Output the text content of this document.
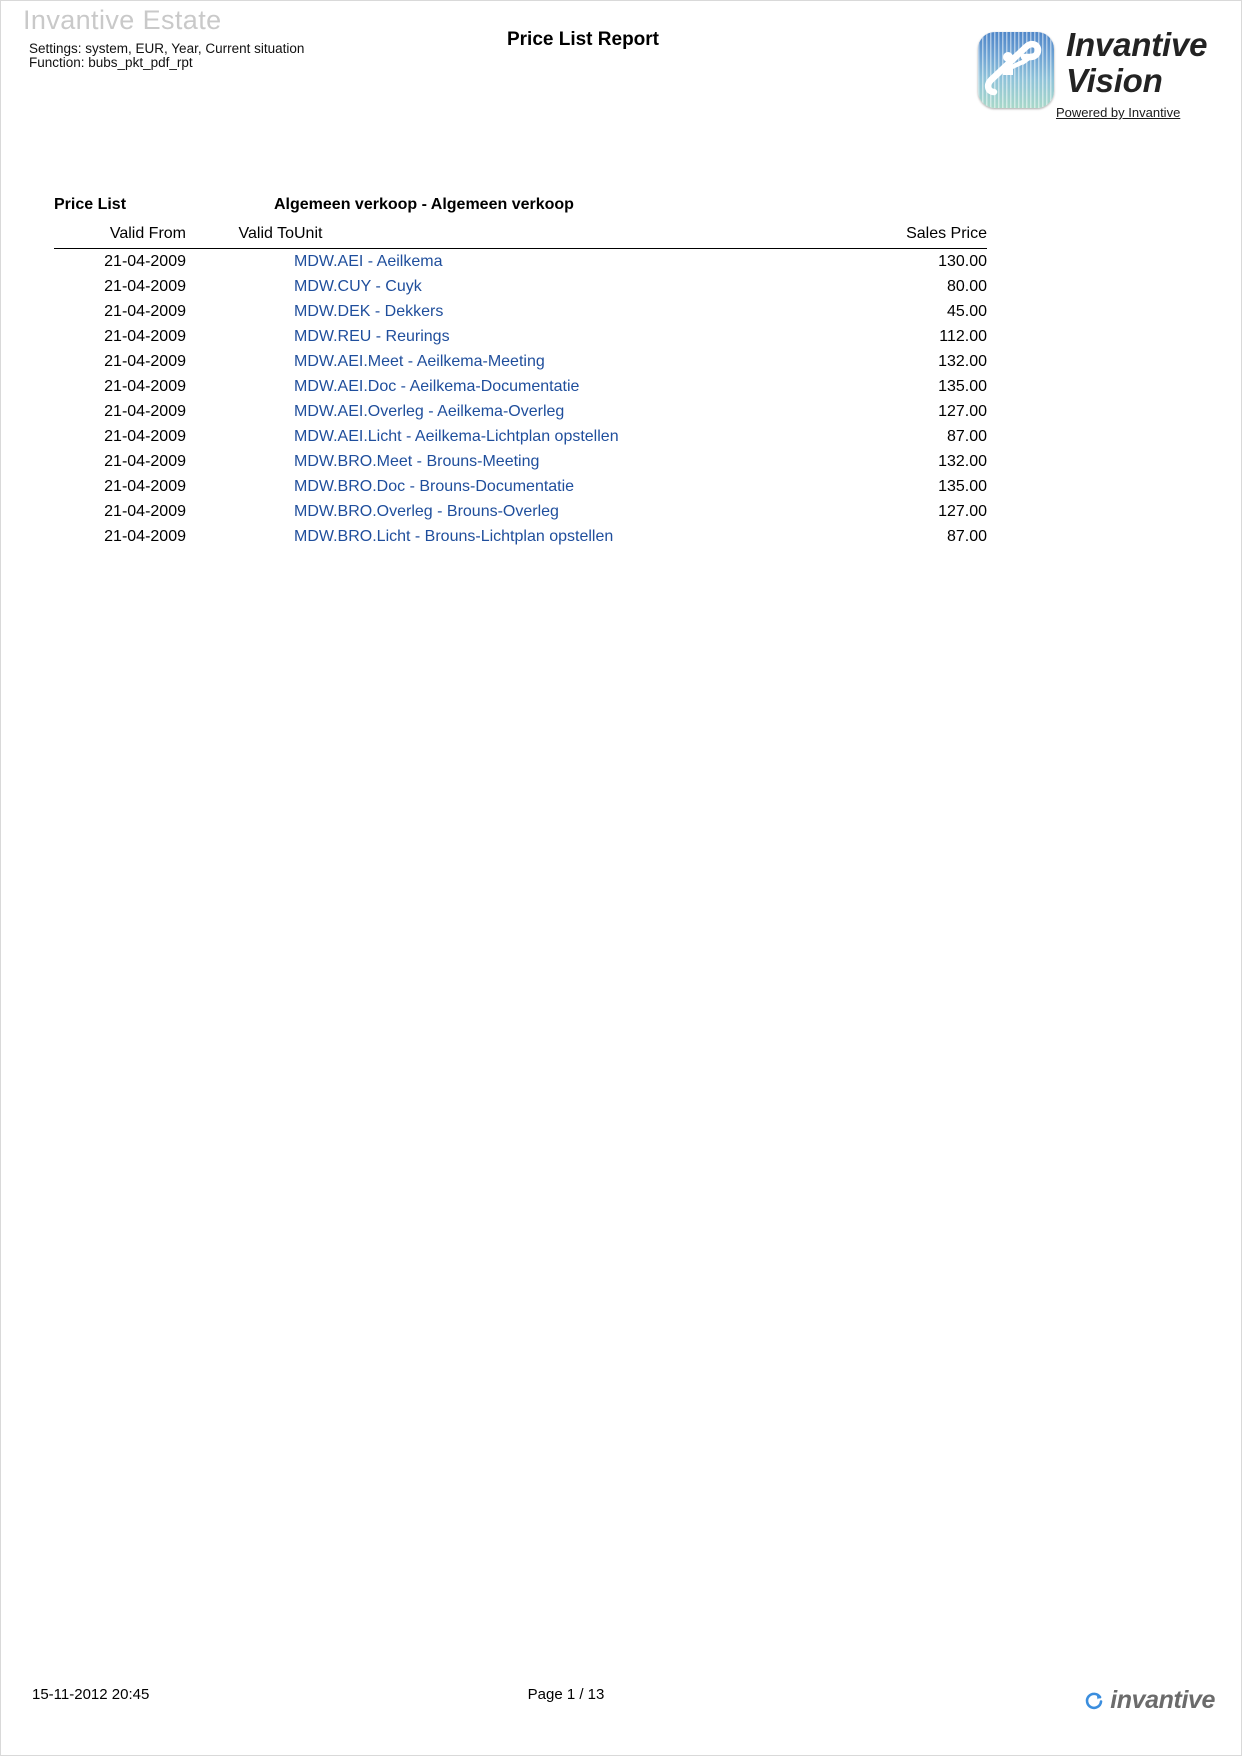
Invantive Estate
Settings: system, EUR, Year, Current situation
Function: bubs_pkt_pdf_rpt
Price List Report	Invantive
Vision
Powered by Invantive
Price List	Algemeen verkoop - Algemeen verkoop
Valid From	Valid To	Unit	Sales Price
21-04-2009		MDW.AEI - Aeilkema	130.00
21-04-2009		MDW.CUY - Cuyk	80.00
21-04-2009		MDW.DEK - Dekkers	45.00
21-04-2009		MDW.REU - Reurings	112.00
21-04-2009		MDW.AEI.Meet - Aeilkema-Meeting	132.00
21-04-2009		MDW.AEI.Doc - Aeilkema-Documentatie	135.00
21-04-2009		MDW.AEI.Overleg - Aeilkema-Overleg	127.00
21-04-2009		MDW.AEI.Licht - Aeilkema-Lichtplan opstellen	87.00
21-04-2009		MDW.BRO.Meet - Brouns-Meeting	132.00
21-04-2009		MDW.BRO.Doc - Brouns-Documentatie	135.00
21-04-2009		MDW.BRO.Overleg - Brouns-Overleg	127.00
21-04-2009		MDW.BRO.Licht - Brouns-Lichtplan opstellen	87.00
15-11-2012 20:45	Page 1 / 13	invantive
